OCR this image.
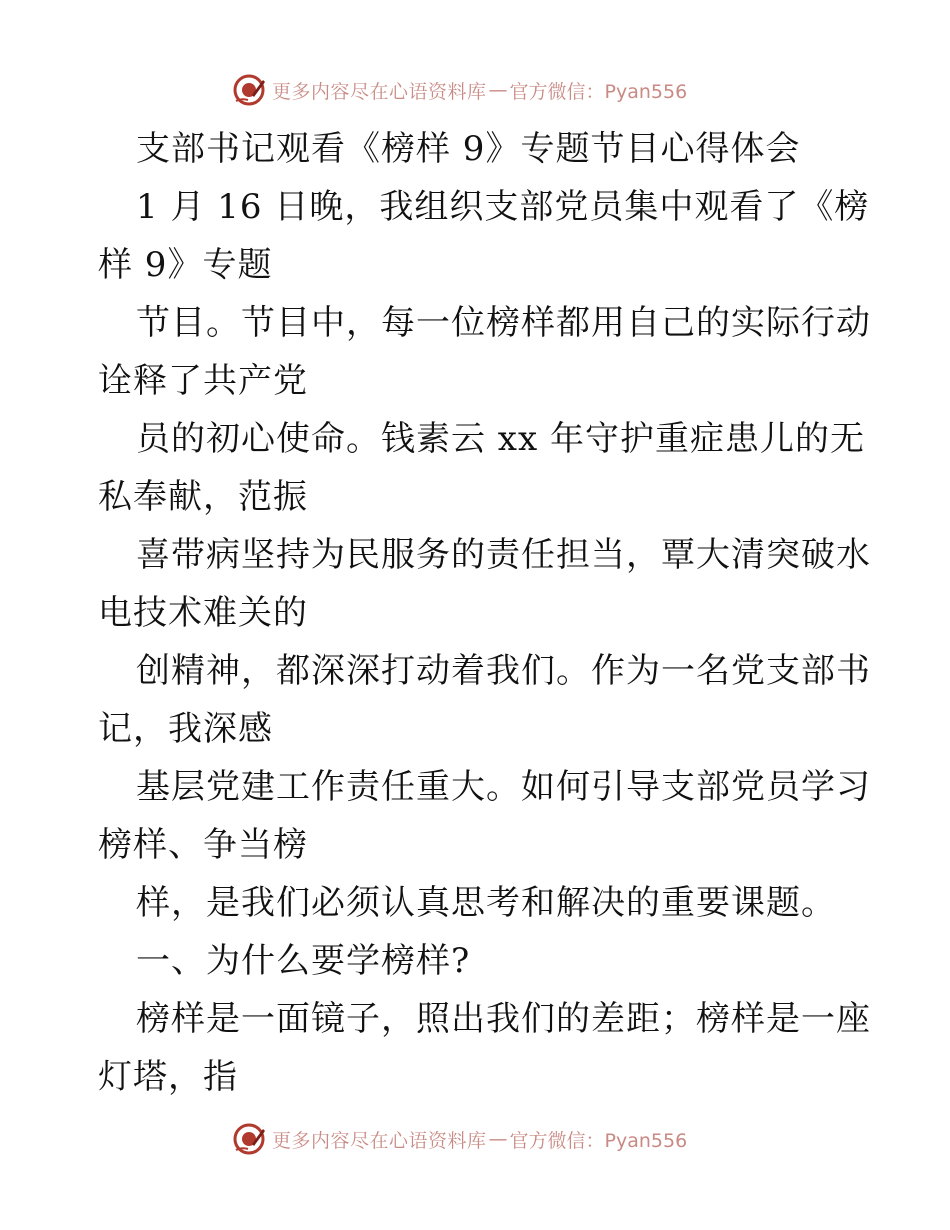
更多内容尽在心语资料库 — 官方微信：Pyan556
支部书记观看《榜样 9》专题节目心得体会
1 月 16 日晚，我组织支部党员集中观看了《榜
样 9》专题
节目。节目中，每一位榜样都用自己的实际行动
诠释了共产党
员的初心使命。钱素云 xx 年守护重症患儿的无
私奉献，范振
喜带病坚持为民服务的责任担当，覃大清突破水
电技术难关的
创精神，都深深打动着我们。作为一名党支部书
记，我深感
基层党建工作责任重大。如何引导支部党员学习
榜样、争当榜
样，是我们必须认真思考和解决的重要课题。
一、为什么要学榜样?
榜样是一面镜子，照出我们的差距；榜样是一座
灯塔，指
更多内容尽在心语资料库 — 官方微信：Pyan556
